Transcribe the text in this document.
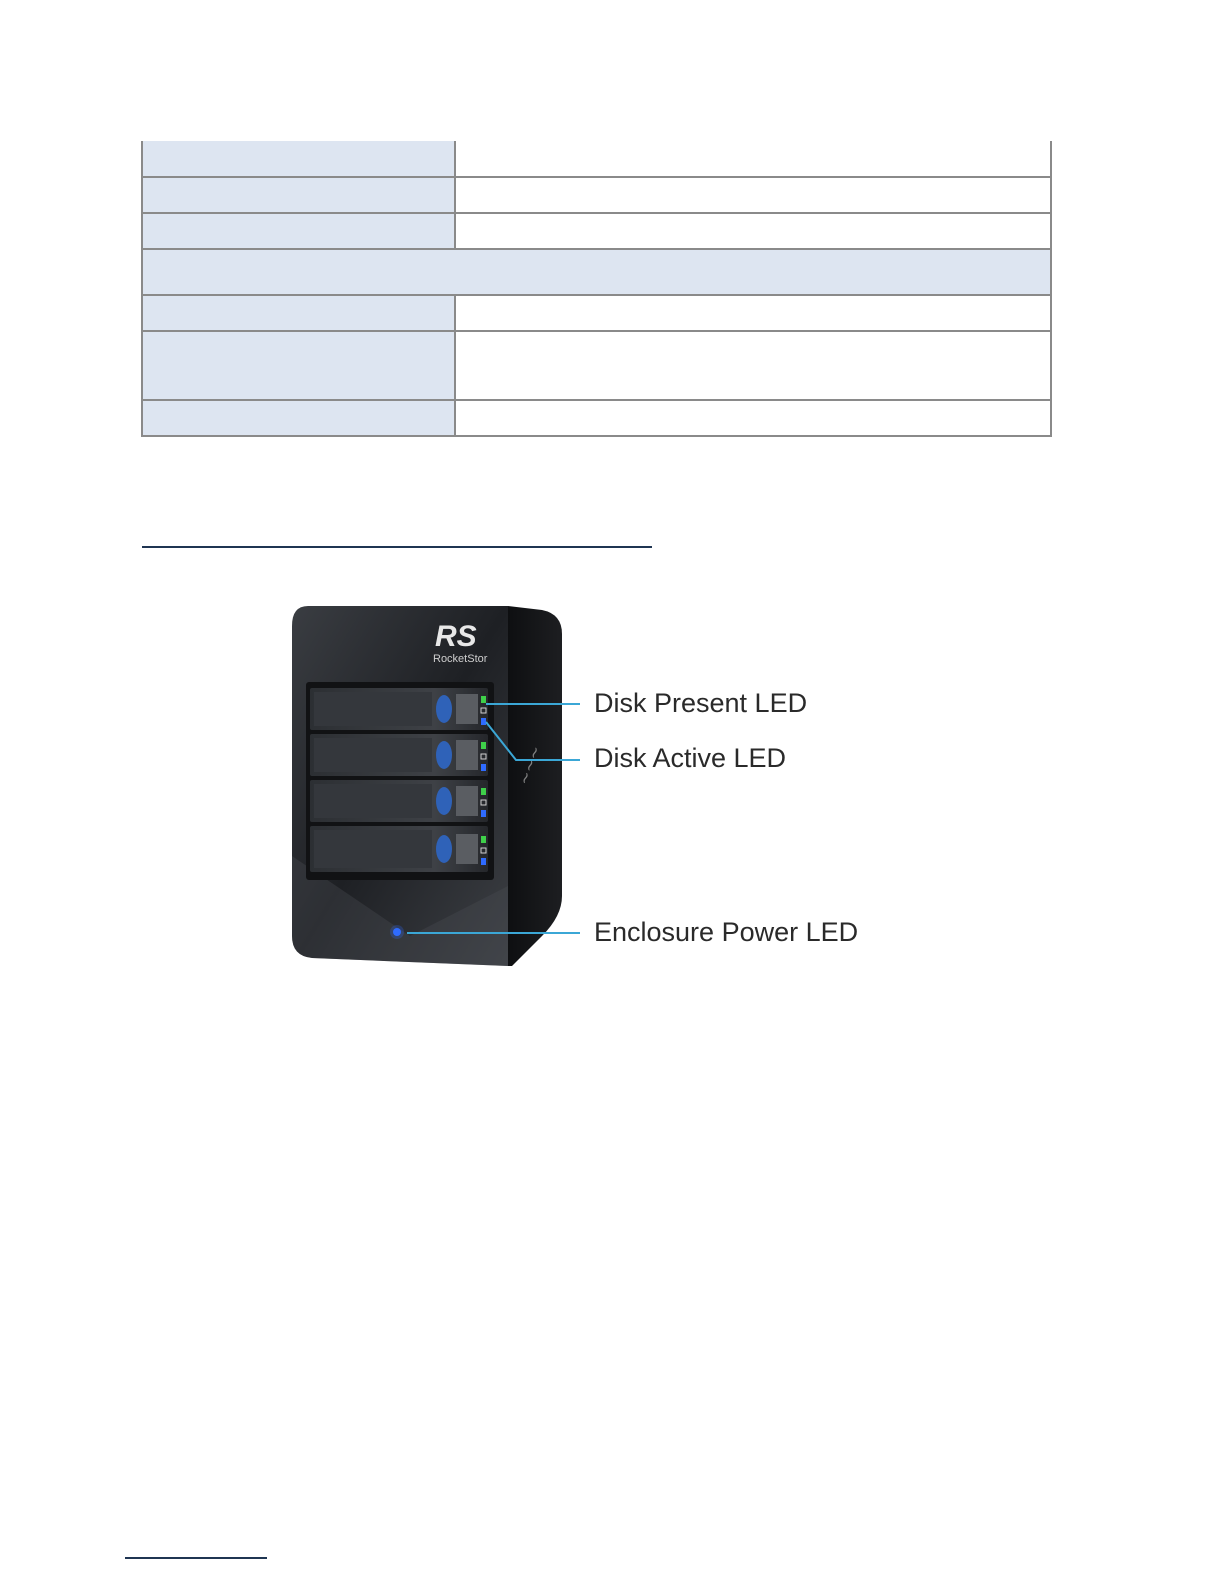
RS
RocketStor
~~~
Disk Present LED
Disk Active LED
Enclosure Power LED
